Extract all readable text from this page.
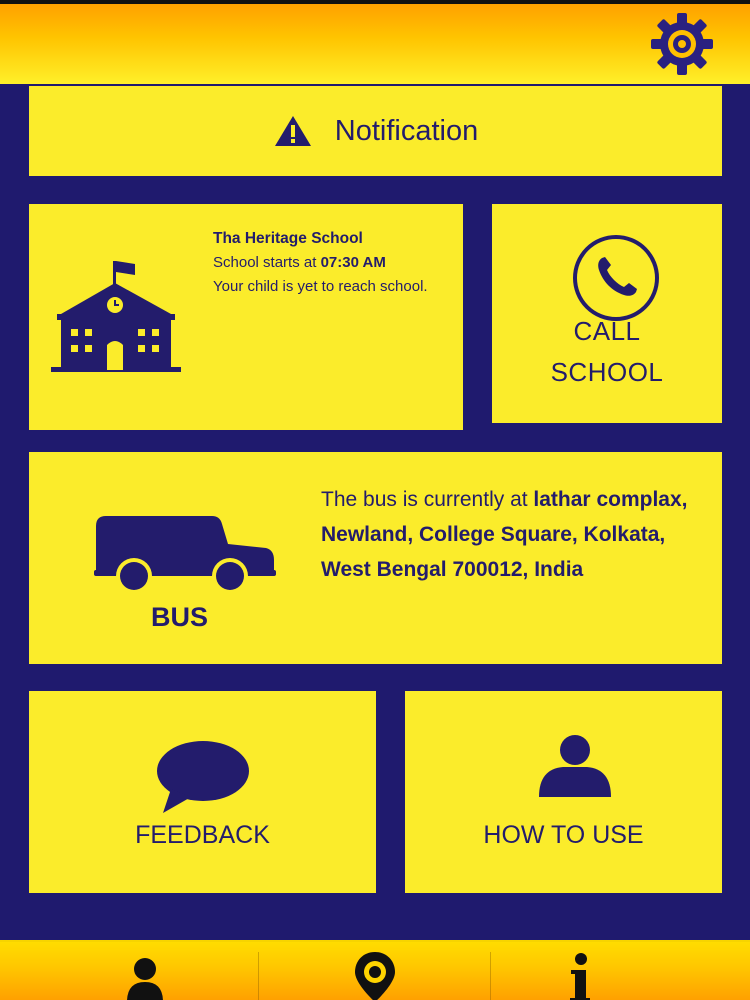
Notification
Tha Heritage School
School starts at 07:30 AM
Your child is yet to reach school.
CALL
SCHOOL
BUS
The bus is currently at lathar complax, Newland, College Square, Kolkata, West Bengal 700012, India
FEEDBACK	HOW TO USE
